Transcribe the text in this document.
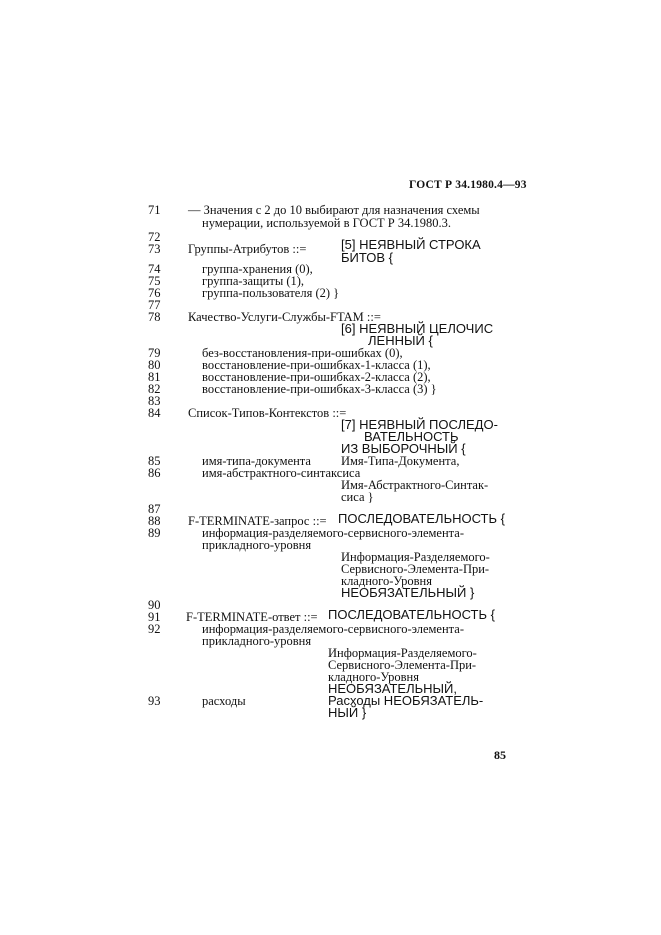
ГОСТ Р 34.1980.4—93
71 — Значения с 2 до 10 выбирают для назначения схемы
нумерации, используемой в ГОСТ Р 34.1980.3.
72
73 Группы-Атрибутов ::=	[5] НЕЯВНЫЙ СТРОКА
БИТОВ {
74	группа-хранения (0),
75	группа-защиты (1),
76	группа-пользователя (2) }
77
78 Качество-Услуги-Службы-FTAM ::=
[6] НЕЯВНЫЙ ЦЕЛОЧИС
ЛЕННЫЙ {
79	без-восстановления-при-ошибках (0),
80	восстановление-при-ошибках-1-класса (1),
81	восстановление-при-ошибках-2-класса (2),
82	восстановление-при-ошибках-3-класса (3) }
83
84 Список-Типов-Контекстов ::=
[7] НЕЯВНЫЙ ПОСЛЕДО-
ВАТЕЛЬНОСТЬ
ИЗ ВЫБОРОЧНЫЙ {
85	имя-типа-документа Имя-Типа-Документа,
86	имя-абстрактного-синтаксиса
Имя-Абстрактного-Синтак-
сиса }
87
88 F-TERMINATE-запрос ::= ПОСЛЕДОВАТЕЛЬНОСТЬ {
89	информация-разделяемого-сервисного-элемента-
прикладного-уровня
Информация-Разделяемого-
Сервисного-Элемента-При-
кладного-Уровня
НЕОБЯЗАТЕЛЬНЫЙ }
90
91 F-TERMINATE-ответ ::= ПОСЛЕДОВАТЕЛЬНОСТЬ {
92	информация-разделяемого-сервисного-элемента-
прикладного-уровня
Информация-Разделяемого-
Сервисного-Элемента-При-
кладного-Уровня
НЕОБЯЗАТЕЛЬНЫЙ,
93	расходы	Расходы НЕОБЯЗАТЕЛЬ-
НЫЙ }
85
